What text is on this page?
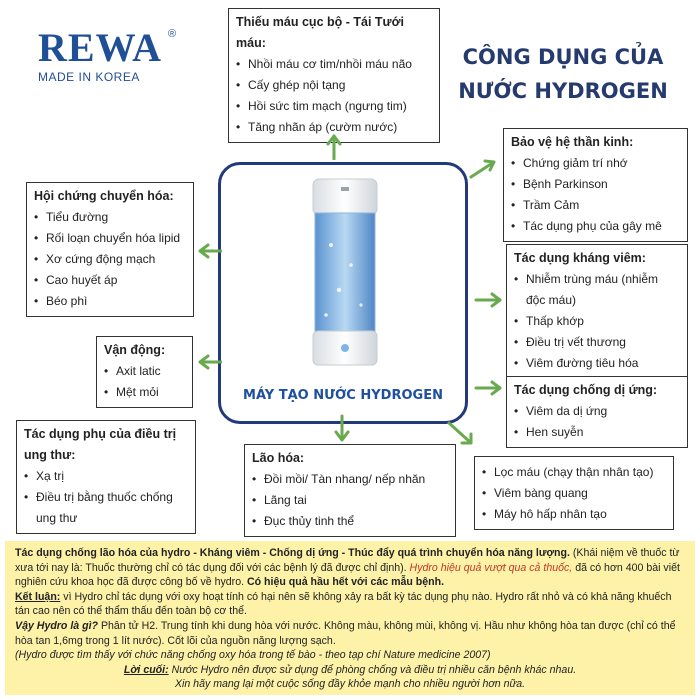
REWA ®
MADE IN KOREA
CÔNG DỤNG CỦA
NƯỚC HYDROGEN
Thiếu máu cục bộ - Tái Tưới máu:
• Nhồi máu cơ tim/nhồi máu não
• Cấy ghép nội tạng
• Hồi sức tim mạch (ngưng tim)
• Tăng nhãn áp (cườm nước)
Bảo vệ hệ thần kinh:
• Chứng giảm trí nhớ
• Bệnh Parkinson
• Trầm Cảm
• Tác dụng phụ của gây mê
Hội chứng chuyển hóa:
• Tiểu đường
• Rối loạn chuyển hóa lipid
• Xơ cứng động mạch
• Cao huyết áp
• Béo phì
Tác dụng kháng viêm:
• Nhiễm trùng máu (nhiễm độc máu)
• Thấp khớp
• Điều trị vết thương
• Viêm đường tiêu hóa
Vận động:
• Axit latic
• Mệt mỏi	Tác dụng chống dị ứng:
• Viêm da dị ứng
• Hen suyễn
Tác dụng phụ của điều trị ung thư:
• Xạ trị
• Điều trị bằng thuốc chống ung thư
Lão hóa:
• Đồi mồi/ Tàn nhang/ nếp nhăn
• Lãng tai
• Đục thủy tinh thể
• Lọc máu (chạy thận nhân tạo)
• Viêm bàng quang
• Máy hô hấp nhân tạo
MÁY TẠO NƯỚC HYDROGEN

Tác dụng chống lão hóa của hydro - Kháng viêm - Chống dị ứng - Thúc đẩy quá trình chuyển hóa năng lượng. (Khái niệm về thuốc từ xưa tới nay là: Thuốc thường chỉ có tác dụng đối với các bệnh lý đã được chỉ định). Hydro hiệu quả vượt qua cả thuốc, đã có hơn 400 bài viết nghiên cứu khoa học đã được công bố về hydro. Có hiệu quả hầu hết với các mẫu bệnh.

Kết luận: vì Hydro chỉ tác dụng với oxy hoạt tính có hại nên sẽ không xảy ra bất kỳ tác dụng phụ nào. Hydro rất nhỏ và có khả năng khuếch tán cao nên có thể thẩm thấu đến toàn bộ cơ thể.

Vậy Hydro là gì? Phân tử H2. Trung tính khi dung hòa với nước. Không màu, không mùi, không vị. Hầu như không hòa tan được (chỉ có thể hòa tan 1,6mg trong 1 lít nước). Cốt lõi của nguồn năng lượng sạch.

(Hydro được tìm thấy với chức năng chống oxy hóa trong tế bào - theo tạp chí Nature medicine 2007)

Lời cuối: Nước Hydro nên được sử dụng để phòng chống và điều trị nhiều căn bệnh khác nhau.

Xin hãy mang lại một cuộc sống đầy khỏe mạnh cho nhiều người hơn nữa.
